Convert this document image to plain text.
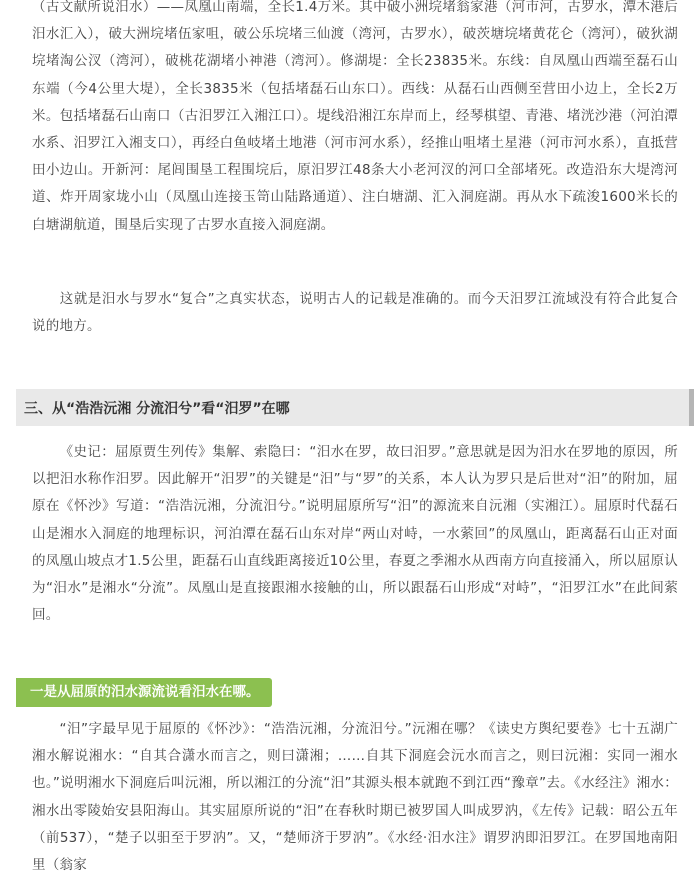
（古文献所说汨水）——凤凰山南端，全长1.4万米。其中破小洲垸堵翁家港（河市河，古罗水，潭木港后汨水汇入），破大洲垸堵伍家咀，破公乐垸堵三仙渡（湾河，古罗水），破茨塘垸堵黄花仑（湾河），破狄湖垸堵淘公汊（湾河），破桃花湖堵小神港（湾河）。修湖堤：全长23835米。东线：自凤凰山西端至磊石山东端（今4公里大堤），全长3835米（包括堵磊石山东口）。西线：从磊石山西侧至营田小边上，全长2万米。包括堵磊石山南口（古汨罗江入湘江口）。堤线沿湘江东岸而上，经琴棋望、青港、堵洸沙港（河泊潭水系、汨罗江入湘支口），再经白鱼岐堵土地港（河市河水系），经推山咀堵土星港（河市河水系），直抵营田小边山。开新河：尾闾围垦工程围垸后，原汨罗江48条大小老河汊的河口全部堵死。改造沿东大堤湾河道、炸开周家垅小山（凤凰山连接玉笥山陆路通道）、注白塘湖、汇入洞庭湖。再从水下疏浚1600米长的白塘湖航道，围垦后实现了古罗水直接入洞庭湖。

  这就是汨水与罗水“复合”之真实状态，说明古人的记载是准确的。而今天汨罗江流域没有符合此复合说的地方。

三、从“浩浩沅湘 分流汨兮”看“汨罗”在哪

  《史记：屈原贾生列传》集解、索隐曰：“汨水在罗，故曰汨罗。”意思就是因为汨水在罗地的原因，所以把汨水称作汨罗。因此解开“汨罗”的关键是“汨”与“罗”的关系，本人认为罗只是后世对“汨”的附加，屈原在《怀沙》写道：“浩浩沅湘，分流汨兮。”说明屈原所写“汨”的源流来自沅湘（实湘江）。屈原时代磊石山是湘水入洞庭的地理标识，河泊潭在磊石山东对岸“两山对峙，一水萦回”的凤凰山，距离磊石山正对面的凤凰山坡点才1.5公里，距磊石山直线距离接近10公里，春夏之季湘水从西南方向直接涌入，所以屈原认为“汨水”是湘水“分流”。凤凰山是直接跟湘水接触的山，所以跟磊石山形成“对峙”，“汨罗江水”在此间萦回。

一是从屈原的汨水源流说看汨水在哪。

  “汨”字最早见于屈原的《怀沙》：“浩浩沅湘，分流汨兮。”沅湘在哪？《读史方舆纪要卷》七十五湖广湘水解说湘水：“自其合潇水而言之，则曰潇湘；……自其下洞庭会沅水而言之，则曰沅湘：实同一湘水也。”说明湘水下洞庭后叫沅湘，所以湘江的分流“汨”其源头根本就跑不到江西“豫章”去。《水经注》湘水：湘水出零陵始安县阳海山。其实屈原所说的“汨”在春秋时期已被罗国人叫成罗汭，《左传》记载：昭公五年（前537），“楚子以驲至于罗汭”。又，“楚师济于罗汭”。《水经·汨水注》谓罗汭即汨罗江。在罗国地南阳里（翁家
